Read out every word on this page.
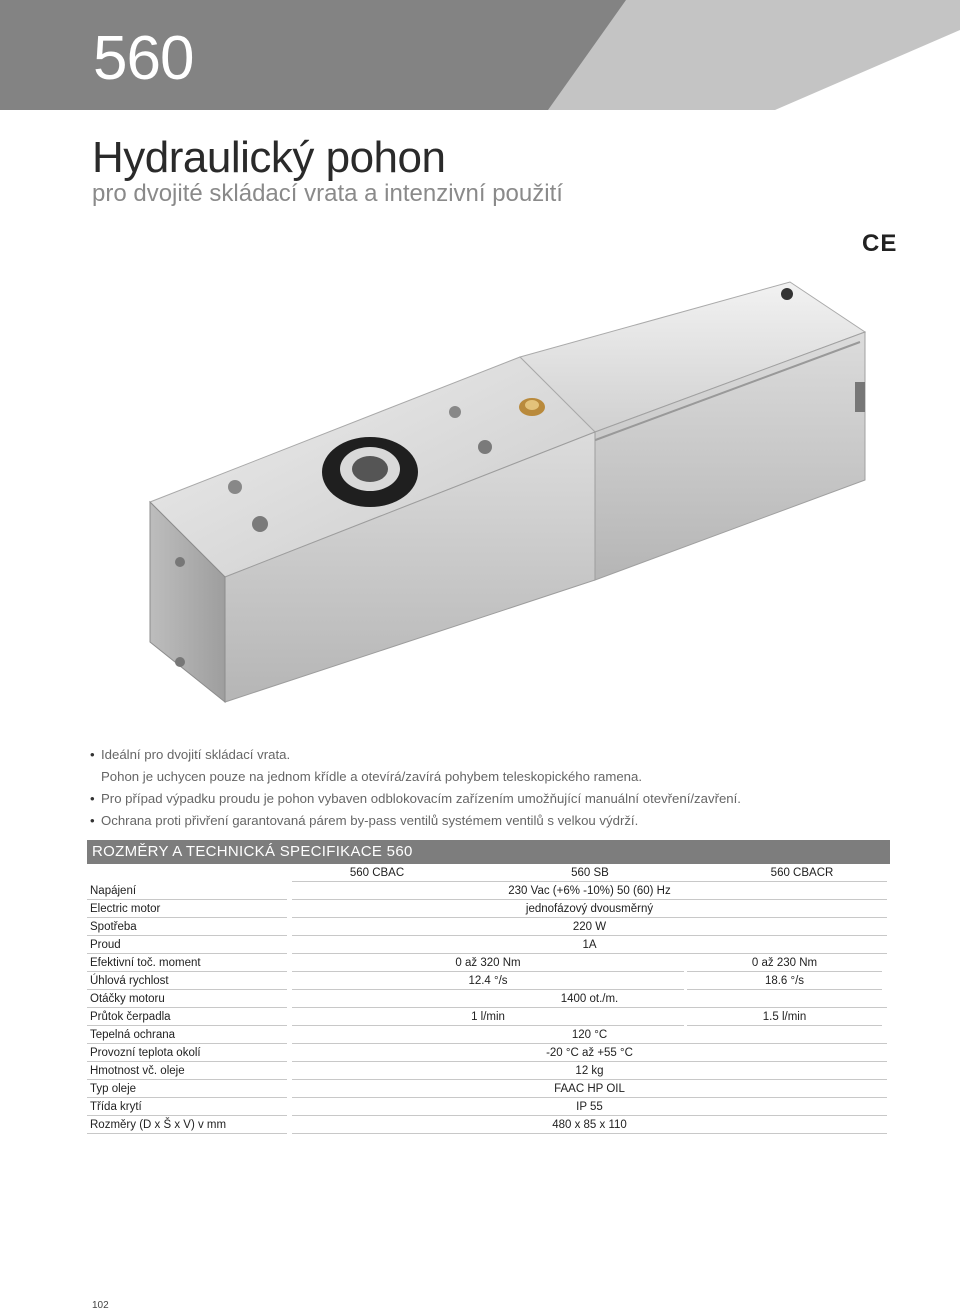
560
Hydraulický pohon
pro dvojité skládací vrata a intenzivní použití
CE
• Ideální pro dvojití skládací vrata.
Pohon je uchycen pouze na jednom křídle a otevírá/zavírá pohybem teleskopického ramena.
• Pro případ výpadku proudu je pohon vybaven odblokovacím zařízením umožňující manuální otevření/zavření.
• Ochrana proti přivření garantovaná párem by-pass ventilů systémem ventilů s velkou výdrží.
ROZMĚRY A TECHNICKÁ SPECIFIKACE 560
560 CBAC	560 SB	560 CBACR
Napájení	230 Vac (+6% -10%) 50 (60) Hz
Electric motor	jednofázový dvousměrný
Spotřeba	220 W
Proud	1A
Efektivní toč. moment	0 až 320 Nm	0 až 230 Nm
Úhlová rychlost	12.4 °/s	18.6 °/s
Otáčky motoru	1400 ot./m.
Průtok čerpadla	1 l/min	1.5 l/min
Tepelná ochrana	120 °C
Provozní teplota okolí	-20 °C až +55 °C
Hmotnost vč. oleje	12 kg
Typ oleje	FAAC HP OIL
Třída krytí	IP 55
Rozměry (D x Š x V) v mm	480 x 85 x 110
102
